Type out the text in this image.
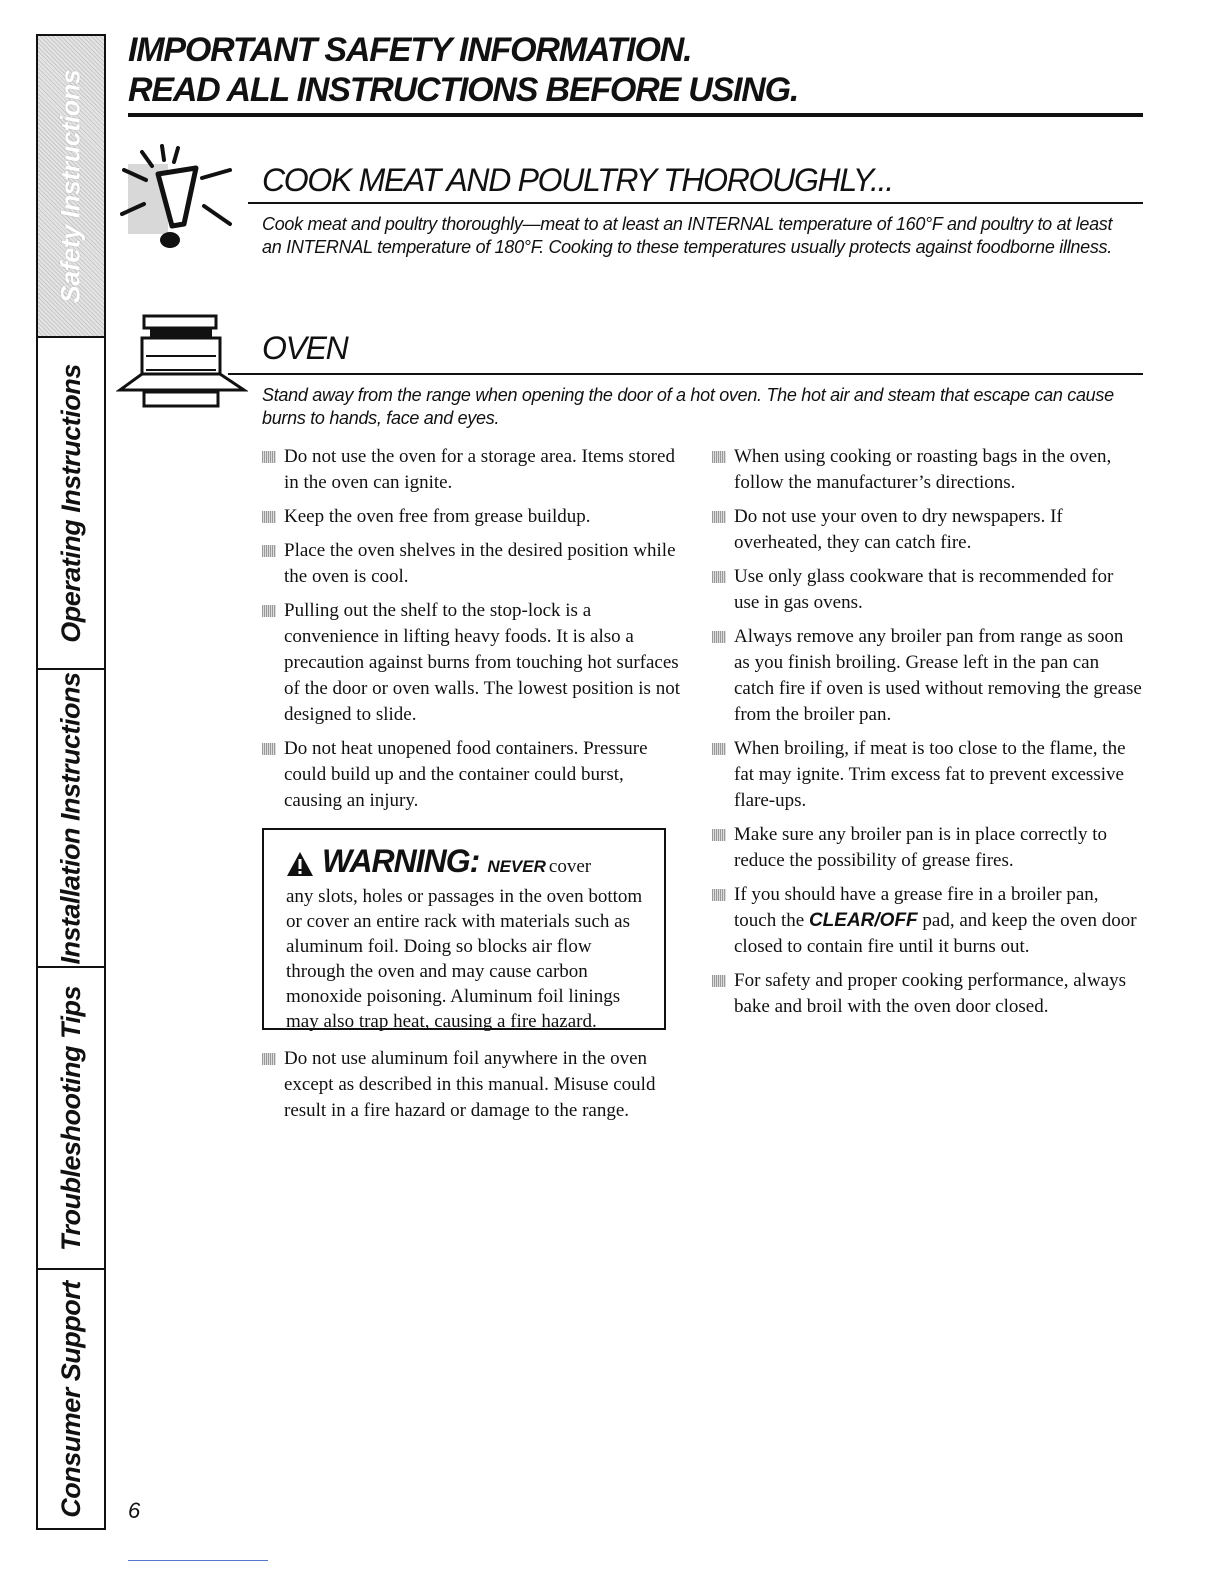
Safety Instructions
Operating Instructions
Installation Instructions
Troubleshooting Tips
Consumer Support
IMPORTANT SAFETY INFORMATION.
READ ALL INSTRUCTIONS BEFORE USING.
COOK MEAT AND POULTRY THOROUGHLY...
Cook meat and poultry thoroughly—meat to at least an INTERNAL temperature of 160°F and poultry to at least an INTERNAL temperature of 180°F. Cooking to these temperatures usually protects against foodborne illness.
OVEN
Stand away from the range when opening the door of a hot oven. The hot air and steam that escape can cause burns to hands, face and eyes.
Do not use the oven for a storage area. Items stored in the oven can ignite.
Keep the oven free from grease buildup.
Place the oven shelves in the desired position while the oven is cool.
Pulling out the shelf to the stop-lock is a convenience in lifting heavy foods. It is also a precaution against burns from touching hot surfaces of the door or oven walls. The lowest position is not designed to slide.
Do not heat unopened food containers. Pressure could build up and the container could burst, causing an injury.
WARNING: NEVER cover
any slots, holes or passages in the oven bottom or cover an entire rack with materials such as aluminum foil. Doing so blocks air flow through the oven and may cause carbon monoxide poisoning. Aluminum foil linings may also trap heat, causing a fire hazard.
Do not use aluminum foil anywhere in the oven except as described in this manual. Misuse could result in a fire hazard or damage to the range.
When using cooking or roasting bags in the oven, follow the manufacturer’s directions.
Do not use your oven to dry newspapers. If overheated, they can catch fire.
Use only glass cookware that is recommended for use in gas ovens.
Always remove any broiler pan from range as soon as you finish broiling. Grease left in the pan can catch fire if oven is used without removing the grease from the broiler pan.
When broiling, if meat is too close to the flame, the fat may ignite. Trim excess fat to prevent excessive flare-ups.
Make sure any broiler pan is in place correctly to reduce the possibility of grease fires.
If you should have a grease fire in a broiler pan, touch the CLEAR/OFF pad, and keep the oven door closed to contain fire until it burns out.
For safety and proper cooking performance, always bake and broil with the oven door closed.
6
